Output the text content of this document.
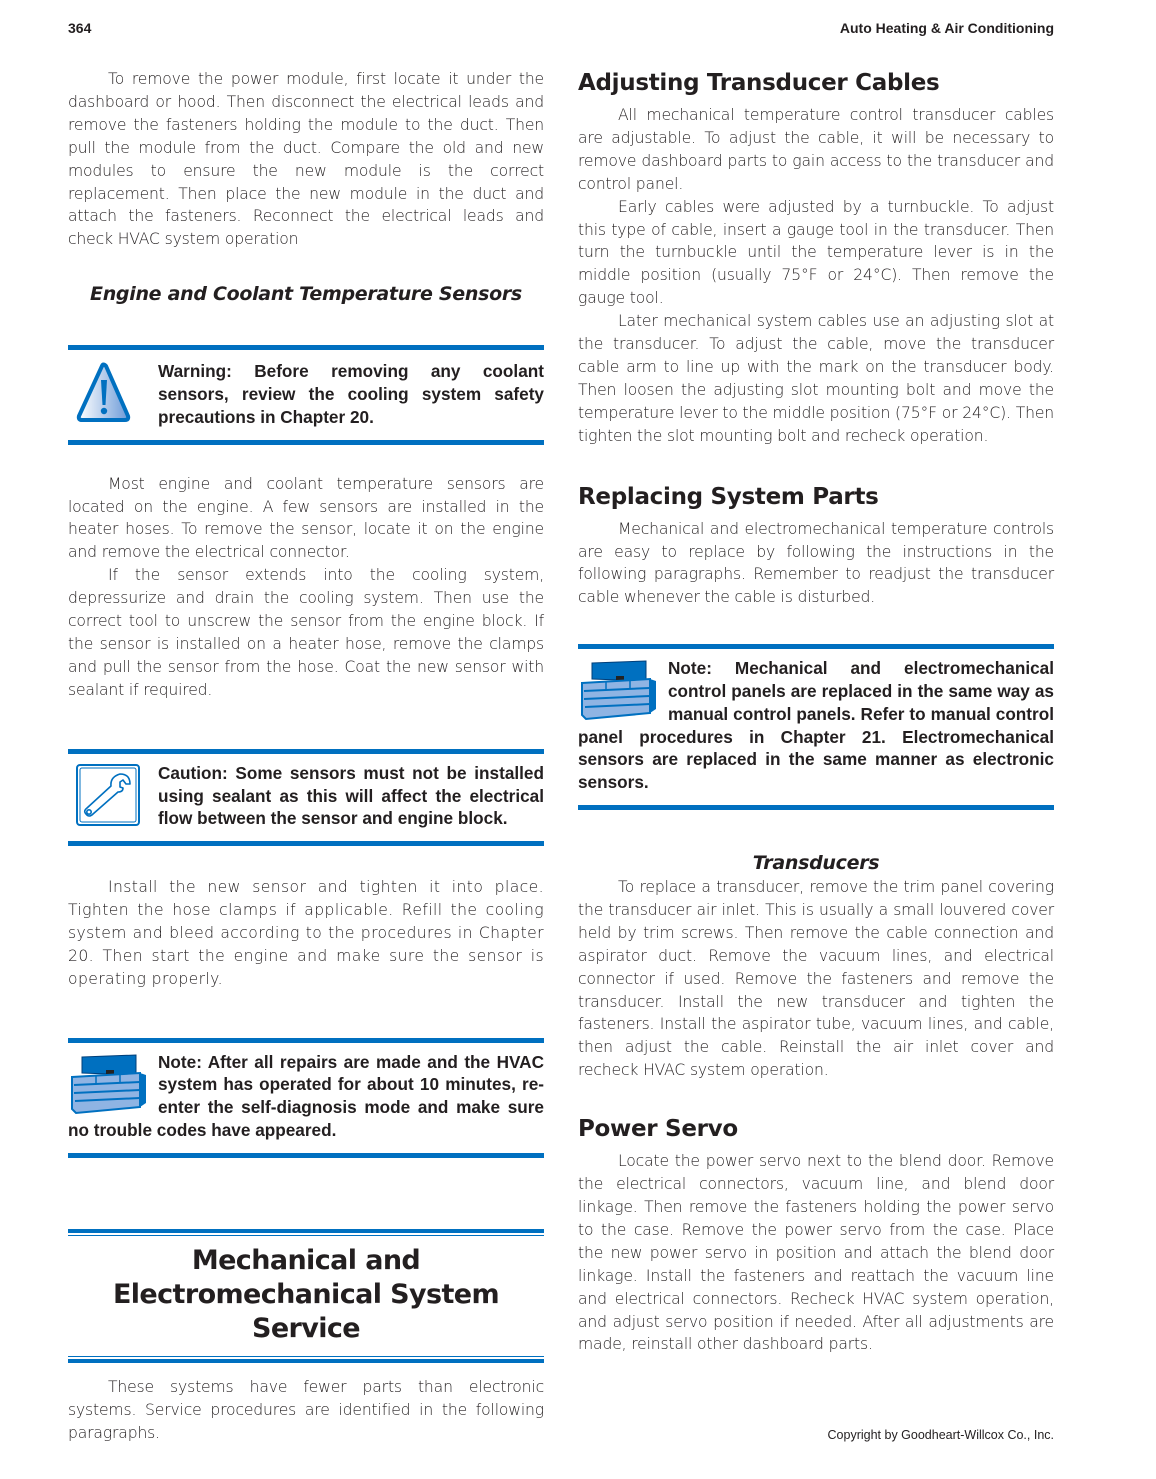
364	Auto Heating & Air Conditioning

To remove the power module, first locate it under the dashboard or hood. Then disconnect the electrical leads and remove the fasteners holding the module to the duct. Then pull the module from the duct. Compare the old and new modules to ensure the new module is the correct replacement. Then place the new module in the duct and attach the fasteners. Reconnect the electrical leads and check HVAC system operation

Engine and Coolant Temperature Sensors

Warning: Before removing any coolant sensors, review the cooling system safety precautions in Chapter 20.

Most engine and coolant temperature sensors are located on the engine. A few sensors are installed in the heater hoses. To remove the sensor, locate it on the engine and remove the electrical connector.

If the sensor extends into the cooling system, depressurize and drain the cooling system. Then use the correct tool to unscrew the sensor from the engine block. If the sensor is installed on a heater hose, remove the clamps and pull the sensor from the hose. Coat the new sensor with sealant if required.

Caution: Some sensors must not be installed using sealant as this will affect the electrical flow between the sensor and engine block.

Install the new sensor and tighten it into place. Tighten the hose clamps if applicable. Refill the cooling system and bleed according to the procedures in Chapter 20. Then start the engine and make sure the sensor is operating properly.

Note: After all repairs are made and the HVAC system has operated for about 10 minutes, re-enter the self-diagnosis mode and make sure no trouble codes have appeared.

Mechanical and Electromechanical System Service

These systems have fewer parts than electronic systems. Service procedures are identified in the following paragraphs.

Adjusting Transducer Cables

All mechanical temperature control transducer cables are adjustable. To adjust the cable, it will be necessary to remove dashboard parts to gain access to the transducer and control panel.

Early cables were adjusted by a turnbuckle. To adjust this type of cable, insert a gauge tool in the transducer. Then turn the turnbuckle until the temperature lever is in the middle position (usually 75°F or 24°C). Then remove the gauge tool.

Later mechanical system cables use an adjusting slot at the transducer. To adjust the cable, move the transducer cable arm to line up with the mark on the transducer body. Then loosen the adjusting slot mounting bolt and move the temperature lever to the middle position (75°F or 24°C). Then tighten the slot mounting bolt and recheck operation.

Replacing System Parts

Mechanical and electromechanical temperature controls are easy to replace by following the instructions in the following paragraphs. Remember to readjust the transducer cable whenever the cable is disturbed.

Note: Mechanical and electromechanical control panels are replaced in the same way as manual control panels. Refer to manual control panel procedures in Chapter 21. Electromechanical sensors are replaced in the same manner as electronic sensors.

Transducers

To replace a transducer, remove the trim panel covering the transducer air inlet. This is usually a small louvered cover held by trim screws. Then remove the cable connection and aspirator duct. Remove the vacuum lines, and electrical connector if used. Remove the fasteners and remove the transducer. Install the new transducer and tighten the fasteners. Install the aspirator tube, vacuum lines, and cable, then adjust the cable. Reinstall the air inlet cover and recheck HVAC system operation.

Power Servo

Locate the power servo next to the blend door. Remove the electrical connectors, vacuum line, and blend door linkage. Then remove the fasteners holding the power servo to the case. Remove the power servo from the case. Place the new power servo in position and attach the blend door linkage. Install the fasteners and reattach the vacuum line and electrical connectors. Recheck HVAC system operation, and adjust servo position if needed. After all adjustments are made, reinstall other dashboard parts.

Copyright by Goodheart-Willcox Co., Inc.
